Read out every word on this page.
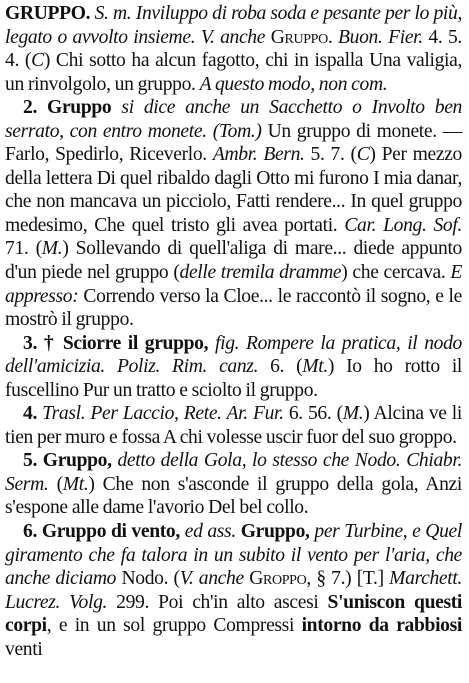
GRUPPO. S. m. Inviluppo di roba soda e pesante per lo più, legato o avvolto insieme. V. anche Gruppo. Buon. Fier. 4. 5. 4. (C) Chi sotto ha alcun fagotto, chi in ispalla Una valigia, un rinvolgolo, un gruppo. A questo modo, non com.

2. Gruppo si dice anche un Sacchetto o Involto ben serrato, con entro monete. (Tom.) Un gruppo di monete. — Farlo, Spedirlo, Riceverlo. Ambr. Bern. 5. 7. (C) Per mezzo della lettera Di quel ribaldo dagli Otto mi furono I mia danar, che non mancava un picciolo, Fatti rendere... In quel gruppo medesimo, Che quel tristo gli avea portati. Car. Long. Sof. 71. (M.) Sollevando di quell'aliga di mare... diede appunto d'un piede nel gruppo (delle tremila dramme) che cercava. E appresso: Correndo verso la Cloe... le raccontò il sogno, e le mostrò il gruppo.

3. † Sciorre il gruppo, fig. Rompere la pratica, il nodo dell'amicizia. Poliz. Rim. canz. 6. (Mt.) Io ho rotto il fuscellino Pur un tratto e sciolto il gruppo.

4. Trasl. Per Laccio, Rete. Ar. Fur. 6. 56. (M.) Alcina ve li tien per muro e fossa A chi volesse uscir fuor del suo groppo.

5. Gruppo, detto della Gola, lo stesso che Nodo. Chiabr. Serm. (Mt.) Che non s'asconde il gruppo della gola, Anzi s'espone alle dame l'avorio Del bel collo.

6. Gruppo di vento, ed ass. Gruppo, per Turbine, e Quel giramento che fa talora in un subito il vento per l'aria, che anche diciamo Nodo. (V. anche Groppo, § 7.) [T.] Marchett. Lucrez. Volg. 299. Poi ch'in alto ascesi S'uniscon questi corpi, e in un sol gruppo Compressi intorno da rabbiosi venti
